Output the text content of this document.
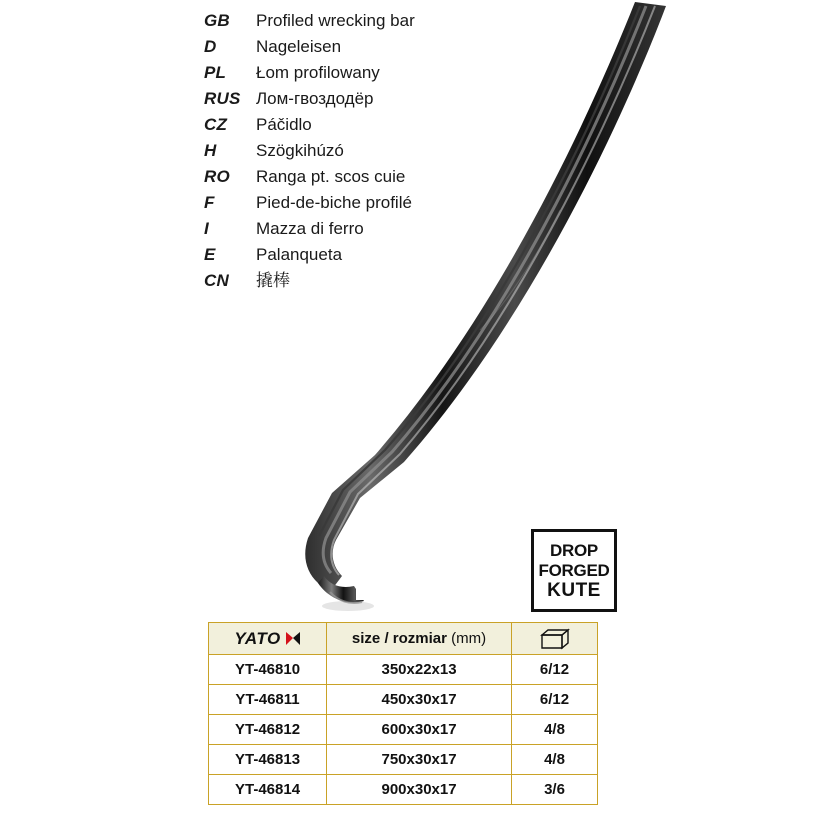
GB	Profiled wrecking bar
D	Nageleisen
PL	Łom profilowany
RUS Лом-гвоздодёр
CZ	Páčidlo
H	Szögkihúzó
RO	Ranga pt. scos cuie
F	Pied-de-biche profilé
I	Mazza di ferro
E	Palanqueta
CN	撬棒
DROP
FORGED
KUTE
YATO	size / rozmiar (mm)	

YT-46810	350x22x13	6/12
YT-46811	450x30x17	6/12
YT-46812	600x30x17	4/8
YT-46813	750x30x17	4/8
YT-46814	900x30x17	3/6
